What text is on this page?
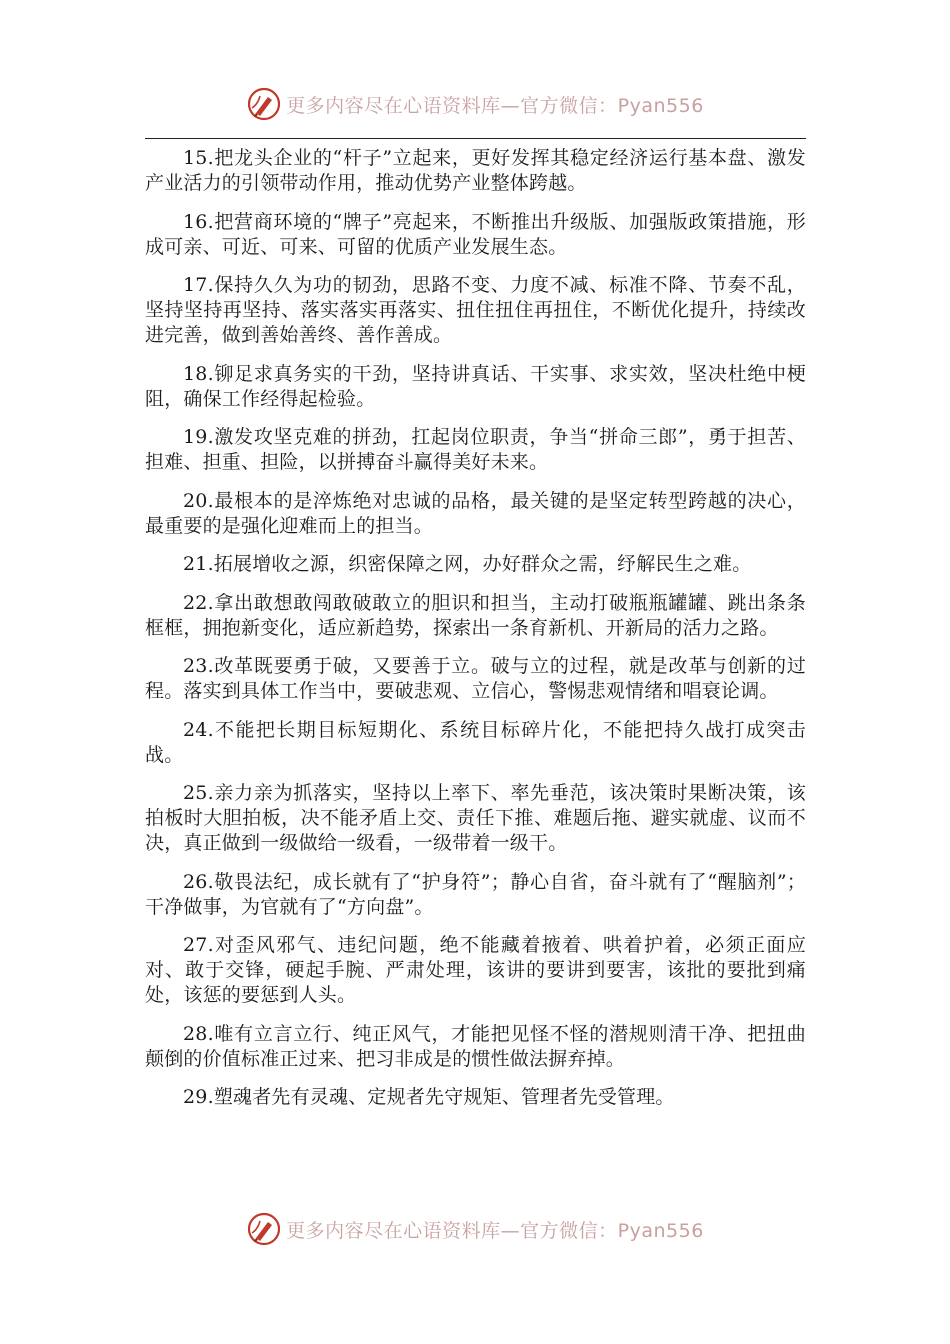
更多内容尽在心语资料库—官方微信：Pyan556

15.把龙头企业的“杆子”立起来，更好发挥其稳定经济运行基本盘、激发产业活力的引领带动作用，推动优势产业整体跨越。

16.把营商环境的“牌子”亮起来，不断推出升级版、加强版政策措施，形成可亲、可近、可来、可留的优质产业发展生态。

17.保持久久为功的韧劲，思路不变、力度不减、标准不降、节奏不乱，坚持坚持再坚持、落实落实再落实、扭住扭住再扭住，不断优化提升，持续改进完善，做到善始善终、善作善成。

18.铆足求真务实的干劲，坚持讲真话、干实事、求实效，坚决杜绝中梗阻，确保工作经得起检验。

19.激发攻坚克难的拼劲，扛起岗位职责，争当“拼命三郎”，勇于担苦、担难、担重、担险，以拼搏奋斗赢得美好未来。

20.最根本的是淬炼绝对忠诚的品格，最关键的是坚定转型跨越的决心，最重要的是强化迎难而上的担当。

21.拓展增收之源，织密保障之网，办好群众之需，纾解民生之难。

22.拿出敢想敢闯敢破敢立的胆识和担当，主动打破瓶瓶罐罐、跳出条条框框，拥抱新变化，适应新趋势，探索出一条育新机、开新局的活力之路。

23.改革既要勇于破，又要善于立。破与立的过程，就是改革与创新的过程。落实到具体工作当中，要破悲观、立信心，警惕悲观情绪和唱衰论调。

24.不能把长期目标短期化、系统目标碎片化，不能把持久战打成突击战。

25.亲力亲为抓落实，坚持以上率下、率先垂范，该决策时果断决策，该拍板时大胆拍板，决不能矛盾上交、责任下推、难题后拖、避实就虚、议而不决，真正做到一级做给一级看，一级带着一级干。

26.敬畏法纪，成长就有了“护身符”；静心自省，奋斗就有了“醒脑剂”；干净做事，为官就有了“方向盘”。

27.对歪风邪气、违纪问题，绝不能藏着掖着、哄着护着，必须正面应对、敢于交锋，硬起手腕、严肃处理，该讲的要讲到要害，该批的要批到痛处，该惩的要惩到人头。

28.唯有立言立行、纯正风气，才能把见怪不怪的潜规则清干净、把扭曲颠倒的价值标准正过来、把习非成是的惯性做法摒弃掉。

29.塑魂者先有灵魂、定规者先守规矩、管理者先受管理。

更多内容尽在心语资料库—官方微信：Pyan556
